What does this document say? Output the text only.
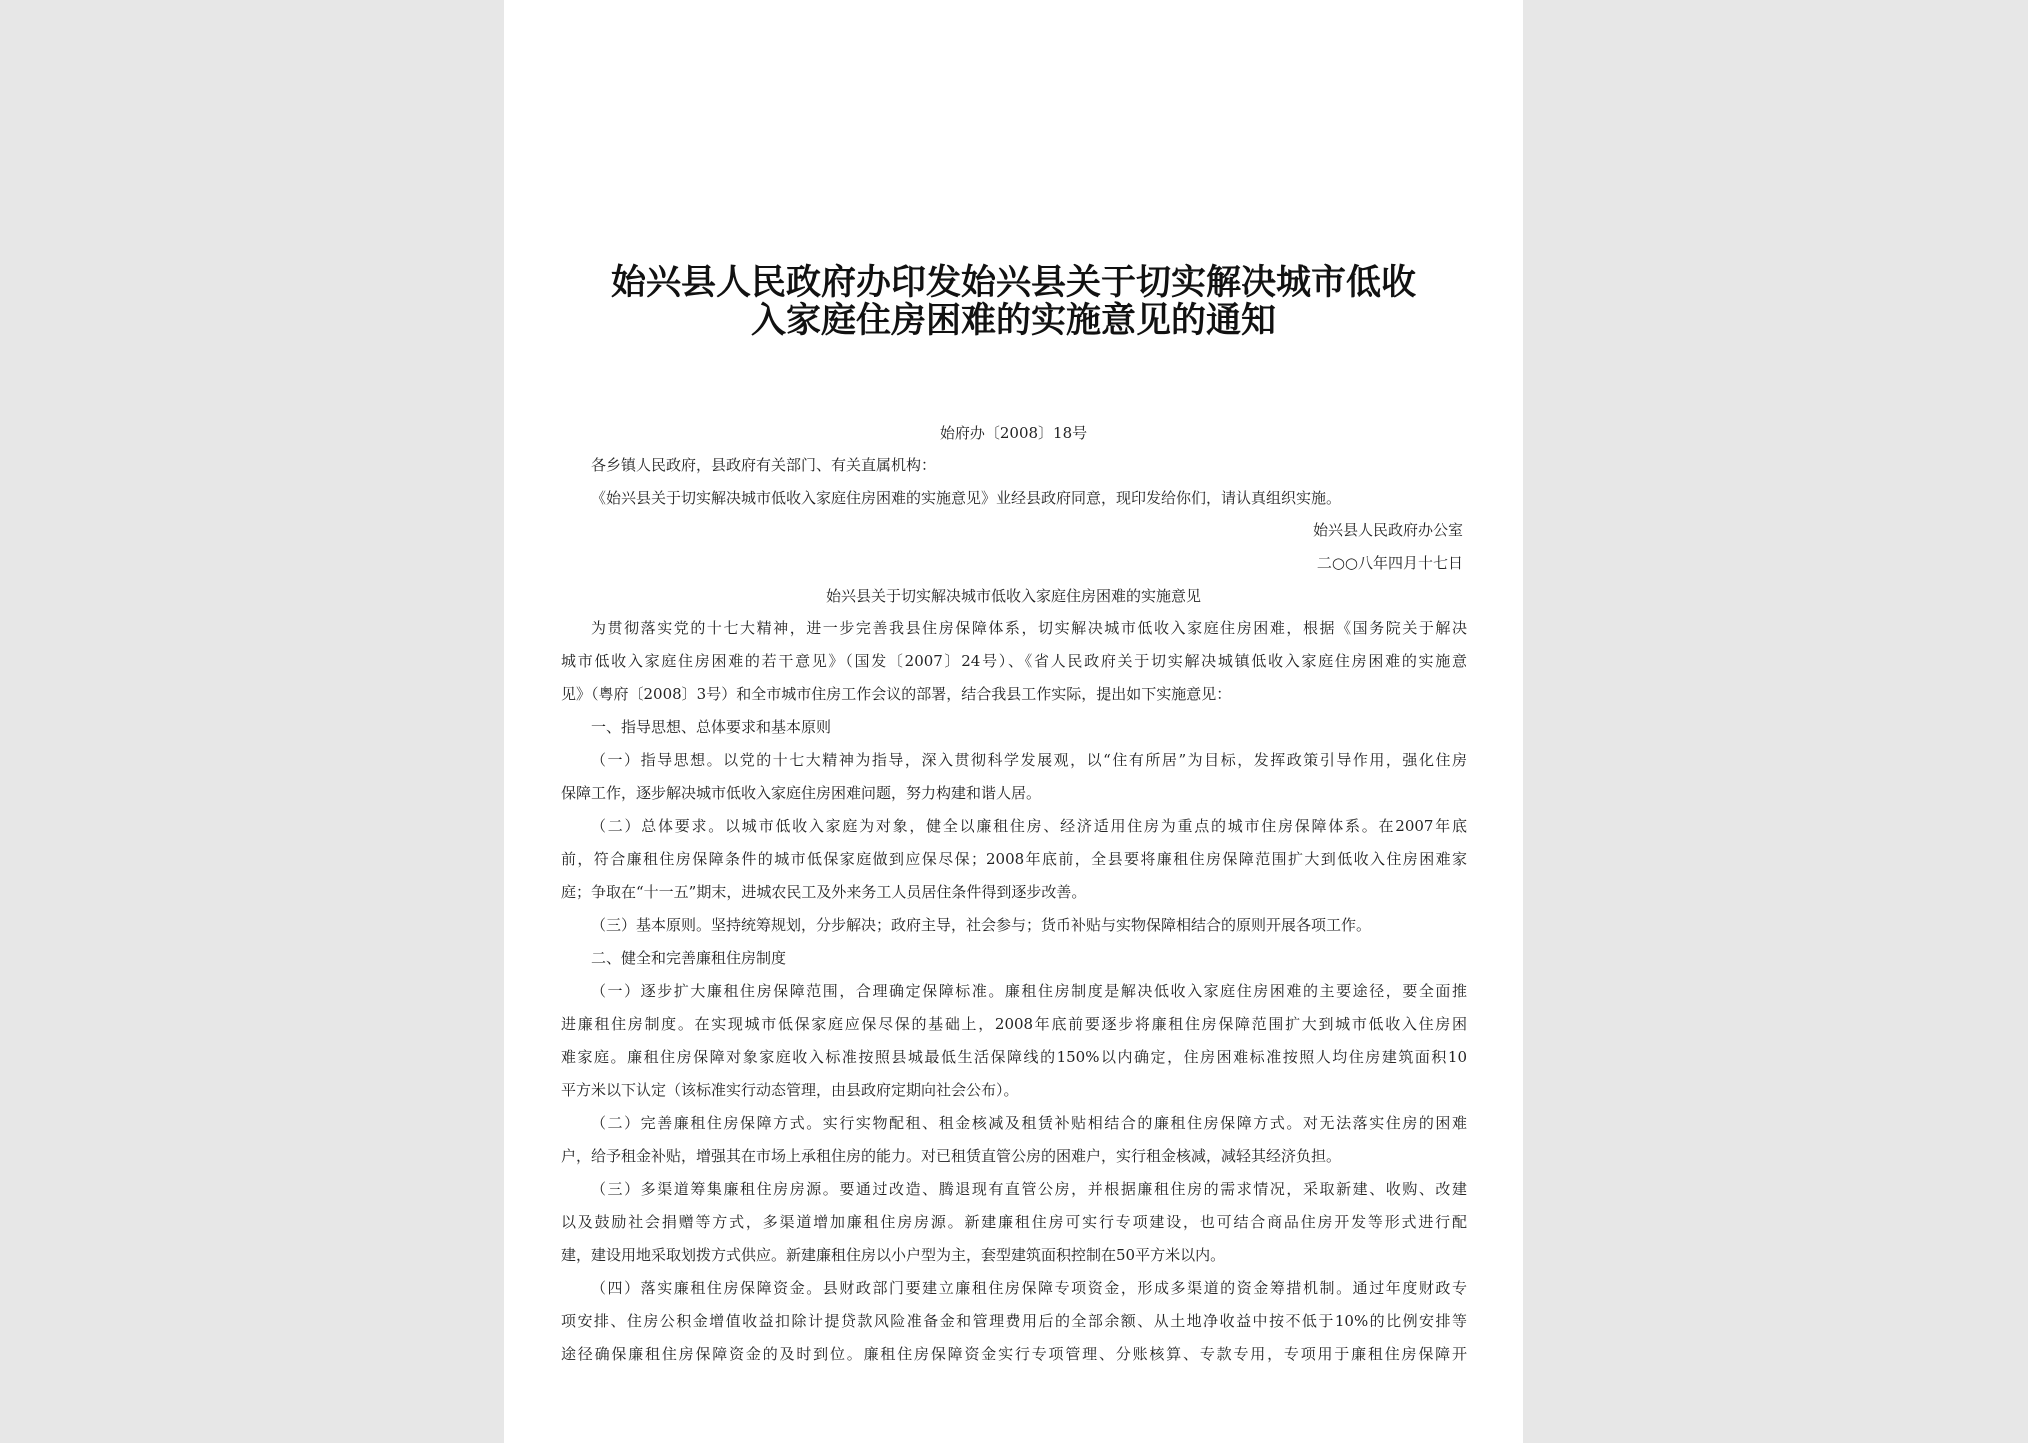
始兴县人民政府办印发始兴县关于切实解决城市低收
入家庭住房困难的实施意见的通知
始府办〔2008〕18号
各乡镇人民政府，县政府有关部门、有关直属机构：
《始兴县关于切实解决城市低收入家庭住房困难的实施意见》业经县政府同意，现印发给你们，请认真组织实施。
始兴县人民政府办公室
二○○八年四月十七日
始兴县关于切实解决城市低收入家庭住房困难的实施意见
为贯彻落实党的十七大精神，进一步完善我县住房保障体系，切实解决城市低收入家庭住房困难，根据《国务院关于解决
城市低收入家庭住房困难的若干意见》（国发〔2007〕24号）、《省人民政府关于切实解决城镇低收入家庭住房困难的实施意
见》（粤府〔2008〕3号）和全市城市住房工作会议的部署，结合我县工作实际，提出如下实施意见：
一、指导思想、总体要求和基本原则
（一）指导思想。以党的十七大精神为指导，深入贯彻科学发展观，以“住有所居”为目标，发挥政策引导作用，强化住房
保障工作，逐步解决城市低收入家庭住房困难问题，努力构建和谐人居。
（二）总体要求。以城市低收入家庭为对象，健全以廉租住房、经济适用住房为重点的城市住房保障体系。在2007年底
前，符合廉租住房保障条件的城市低保家庭做到应保尽保；2008年底前，全县要将廉租住房保障范围扩大到低收入住房困难家
庭；争取在“十一五”期末，进城农民工及外来务工人员居住条件得到逐步改善。
（三）基本原则。坚持统筹规划，分步解决；政府主导，社会参与；货币补贴与实物保障相结合的原则开展各项工作。
二、健全和完善廉租住房制度
（一）逐步扩大廉租住房保障范围，合理确定保障标准。廉租住房制度是解决低收入家庭住房困难的主要途径，要全面推
进廉租住房制度。在实现城市低保家庭应保尽保的基础上，2008年底前要逐步将廉租住房保障范围扩大到城市低收入住房困
难家庭。廉租住房保障对象家庭收入标准按照县城最低生活保障线的150%以内确定，住房困难标准按照人均住房建筑面积10
平方米以下认定（该标准实行动态管理，由县政府定期向社会公布）。
（二）完善廉租住房保障方式。实行实物配租、租金核减及租赁补贴相结合的廉租住房保障方式。对无法落实住房的困难
户，给予租金补贴，增强其在市场上承租住房的能力。对已租赁直管公房的困难户，实行租金核减，减轻其经济负担。
（三）多渠道筹集廉租住房房源。要通过改造、腾退现有直管公房，并根据廉租住房的需求情况，采取新建、收购、改建
以及鼓励社会捐赠等方式，多渠道增加廉租住房房源。新建廉租住房可实行专项建设，也可结合商品住房开发等形式进行配
建，建设用地采取划拨方式供应。新建廉租住房以小户型为主，套型建筑面积控制在50平方米以内。
（四）落实廉租住房保障资金。县财政部门要建立廉租住房保障专项资金，形成多渠道的资金筹措机制。通过年度财政专
项安排、住房公积金增值收益扣除计提贷款风险准备金和管理费用后的全部余额、从土地净收益中按不低于10%的比例安排等
途径确保廉租住房保障资金的及时到位。廉租住房保障资金实行专项管理、分账核算、专款专用，专项用于廉租住房保障开
